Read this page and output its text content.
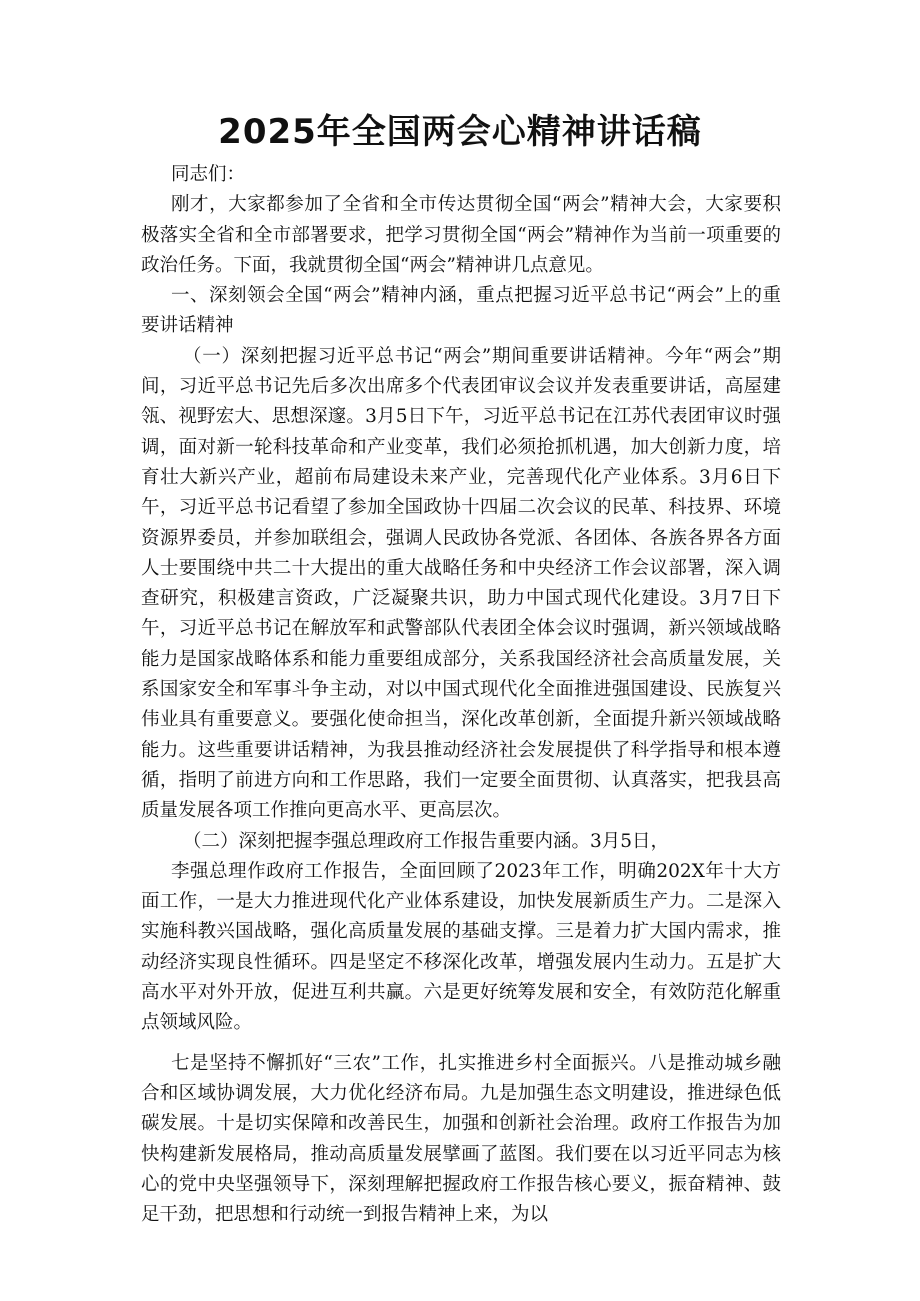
2025年全国两会心精神讲话稿

同志们：

刚才，大家都参加了全省和全市传达贯彻全国“两会”精神大会，大家要积极落实全省和全市部署要求，把学习贯彻全国“两会”精神作为当前一项重要的政治任务。下面，我就贯彻全国“两会”精神讲几点意见。

一、深刻领会全国“两会”精神内涵，重点把握习近平总书记“两会”上的重要讲话精神

（一）深刻把握习近平总书记“两会”期间重要讲话精神。今年“两会”期间，习近平总书记先后多次出席多个代表团审议会议并发表重要讲话，高屋建瓴、视野宏大、思想深邃。3月5日下午，习近平总书记在江苏代表团审议时强调，面对新一轮科技革命和产业变革，我们必须抢抓机遇，加大创新力度，培育壮大新兴产业，超前布局建设未来产业，完善现代化产业体系。3月6日下午，习近平总书记看望了参加全国政协十四届二次会议的民革、科技界、环境资源界委员，并参加联组会，强调人民政协各党派、各团体、各族各界各方面人士要围绕中共二十大提出的重大战略任务和中央经济工作会议部署，深入调查研究，积极建言资政，广泛凝聚共识，助力中国式现代化建设。3月7日下午，习近平总书记在解放军和武警部队代表团全体会议时强调，新兴领域战略能力是国家战略体系和能力重要组成部分，关系我国经济社会高质量发展，关系国家安全和军事斗争主动，对以中国式现代化全面推进强国建设、民族复兴伟业具有重要意义。要强化使命担当，深化改革创新，全面提升新兴领域战略能力。这些重要讲话精神，为我县推动经济社会发展提供了科学指导和根本遵循，指明了前进方向和工作思路，我们一定要全面贯彻、认真落实，把我县高质量发展各项工作推向更高水平、更高层次。

（二）深刻把握李强总理政府工作报告重要内涵。3月5日，

李强总理作政府工作报告，全面回顾了2023年工作，明确202X年十大方面工作，一是大力推进现代化产业体系建设，加快发展新质生产力。二是深入实施科教兴国战略，强化高质量发展的基础支撑。三是着力扩大国内需求，推动经济实现良性循环。四是坚定不移深化改革，增强发展内生动力。五是扩大高水平对外开放，促进互利共赢。六是更好统筹发展和安全，有效防范化解重点领域风险。

七是坚持不懈抓好“三农”工作，扎实推进乡村全面振兴。八是推动城乡融合和区域协调发展，大力优化经济布局。九是加强生态文明建设，推进绿色低碳发展。十是切实保障和改善民生，加强和创新社会治理。政府工作报告为加快构建新发展格局，推动高质量发展擘画了蓝图。我们要在以习近平同志为核心的党中央坚强领导下，深刻理解把握政府工作报告核心要义，振奋精神、鼓足干劲，把思想和行动统一到报告精神上来，为以
